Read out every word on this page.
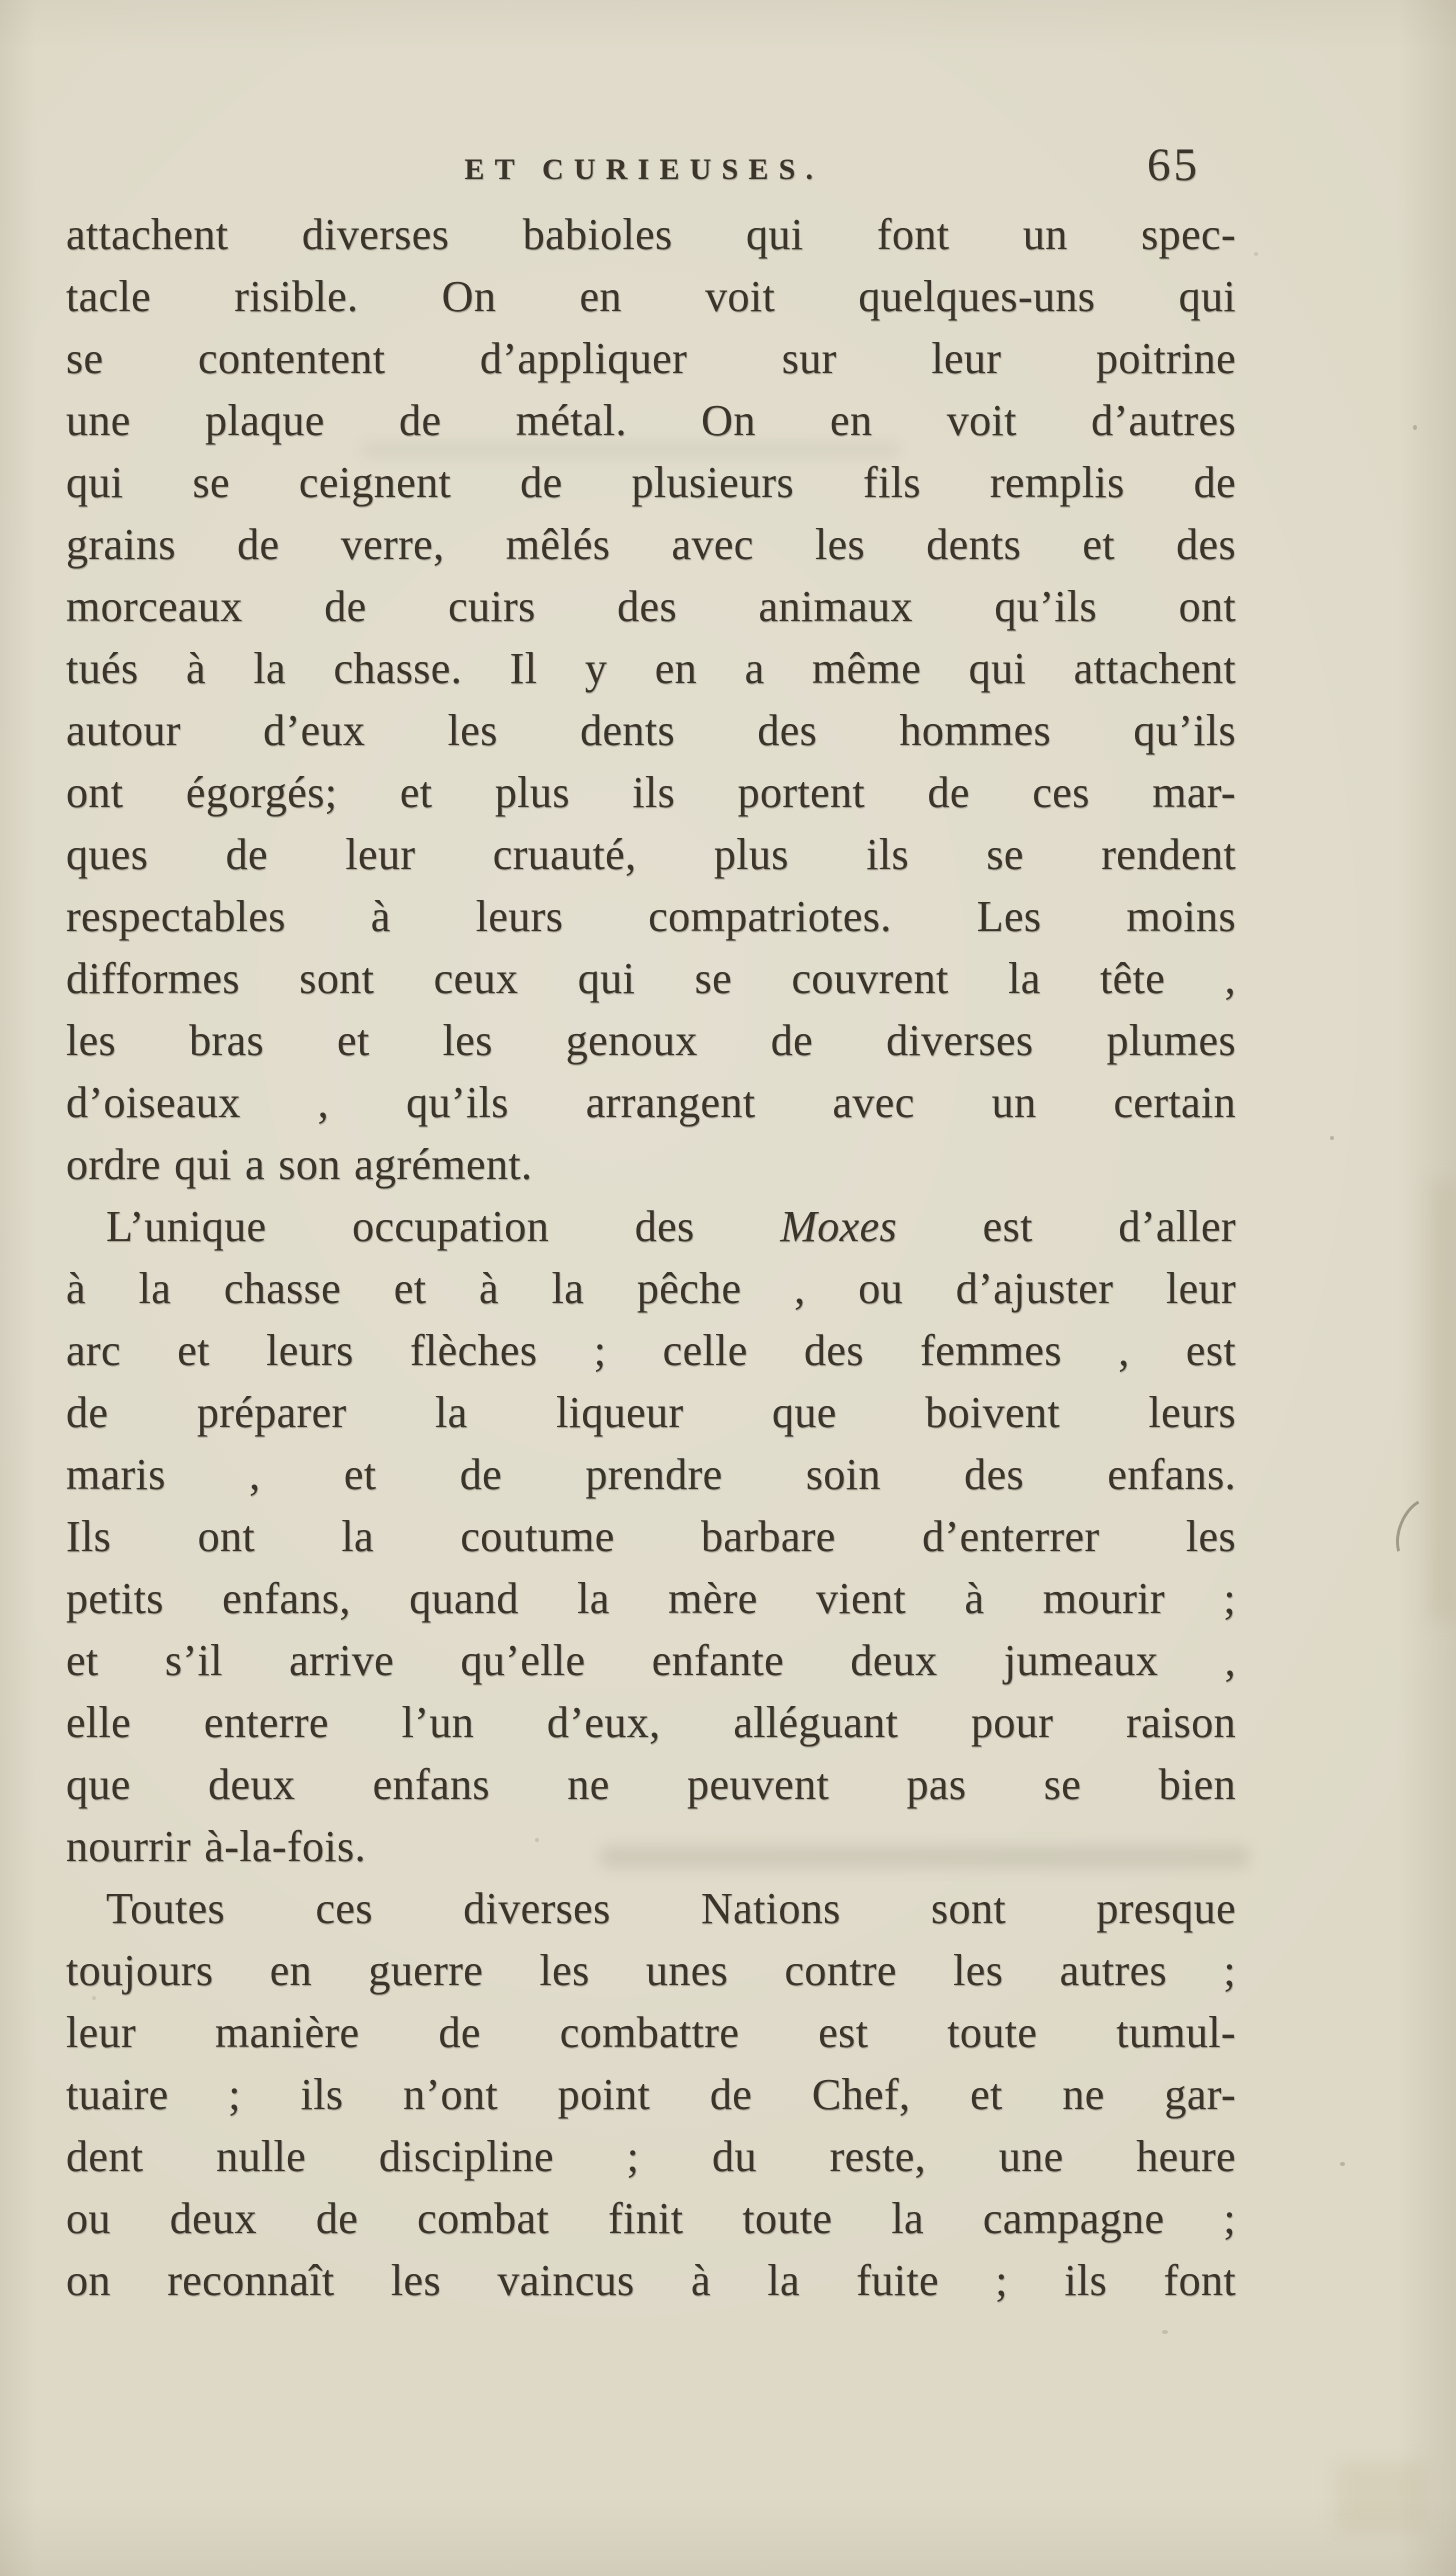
ET CURIEUSES.	65
attachent diverses babioles qui font un spec-
tacle risible. On en voit quelques-uns qui
se contentent d’appliquer sur leur poitrine
une plaque de métal. On en voit d’autres
qui se ceignent de plusieurs fils remplis de
grains de verre, mêlés avec les dents et des
morceaux de cuirs des animaux qu’ils ont
tués à la chasse. Il y en a même qui attachent
autour d’eux les dents des hommes qu’ils
ont égorgés; et plus ils portent de ces mar-
ques de leur cruauté, plus ils se rendent
respectables à leurs compatriotes. Les moins
difformes sont ceux qui se couvrent la tête ,
les bras et les genoux de diverses plumes
d’oiseaux , qu’ils arrangent avec un certain
ordre qui a son agrément.
L’unique occupation des Moxes est d’aller
à la chasse et à la pêche , ou d’ajuster leur
arc et leurs flèches ; celle des femmes , est
de préparer la liqueur que boivent leurs
maris , et de prendre soin des enfans.
Ils ont la coutume barbare d’enterrer les
petits enfans, quand la mère vient à mourir ;
et s’il arrive qu’elle enfante deux jumeaux ,
elle enterre l’un d’eux, alléguant pour raison
que deux enfans ne peuvent pas se bien
nourrir à-la-fois.
Toutes ces diverses Nations sont presque
toujours en guerre les unes contre les autres ;
leur manière de combattre est toute tumul-
tuaire ; ils n’ont point de Chef, et ne gar-
dent nulle discipline ; du reste, une heure
ou deux de combat finit toute la campagne ;
on reconnaît les vaincus à la fuite ; ils font
